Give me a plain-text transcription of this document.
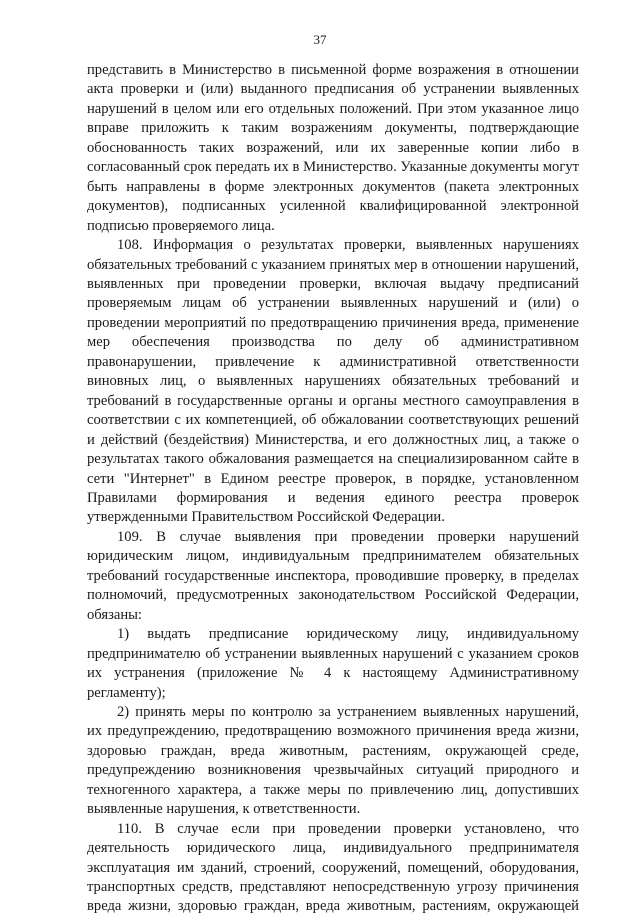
37
представить в Министерство в письменной форме возражения в отношении
акта проверки и (или) выданного предписания об устранении выявленных
нарушений в целом или его отдельных положений. При этом указанное лицо
вправе приложить к таким возражениям документы, подтверждающие
обоснованность таких возражений, или их заверенные копии либо в
согласованный срок передать их в Министерство. Указанные документы могут
быть направлены в форме электронных документов (пакета электронных
документов), подписанных усиленной квалифицированной электронной
подписью проверяемого лица.
108. Информация о результатах проверки, выявленных нарушениях
обязательных требований с указанием принятых мер в отношении нарушений,
выявленных при проведении проверки, включая выдачу предписаний
проверяемым лицам об устранении выявленных нарушений и (или) о
проведении мероприятий по предотвращению причинения вреда, применение
мер обеспечения производства по делу об административном
правонарушении, привлечение к административной ответственности
виновных лиц, о выявленных нарушениях обязательных требований и
требований в государственные органы и органы местного самоуправления в
соответствии с их компетенцией, об обжаловании соответствующих решений
и действий (бездействия) Министерства, и его должностных лиц, а также о
результатах такого обжалования размещается на специализированном сайте в
сети "Интернет" в Едином реестре проверок, в порядке, установленном
Правилами формирования и ведения единого реестра проверок
утвержденными Правительством Российской Федерации.
109. В случае выявления при проведении проверки нарушений
юридическим лицом, индивидуальным предпринимателем обязательных
требований государственные инспектора, проводившие проверку, в пределах
полномочий, предусмотренных законодательством Российской Федерации,
обязаны:
1) выдать предписание юридическому лицу, индивидуальному
предпринимателю об устранении выявленных нарушений с указанием сроков
их устранения (приложение № 4 к настоящему Административному
регламенту);
2) принять меры по контролю за устранением выявленных нарушений,
их предупреждению, предотвращению возможного причинения вреда жизни,
здоровью граждан, вреда животным, растениям, окружающей среде,
предупреждению возникновения чрезвычайных ситуаций природного и
техногенного характера, а также меры по привлечению лиц, допустивших
выявленные нарушения, к ответственности.
110. В случае если при проведении проверки установлено, что
деятельность юридического лица, индивидуального предпринимателя
эксплуатация им зданий, строений, сооружений, помещений, оборудования,
транспортных средств, представляют непосредственную угрозу причинения
вреда жизни, здоровью граждан, вреда животным, растениям, окружающей
